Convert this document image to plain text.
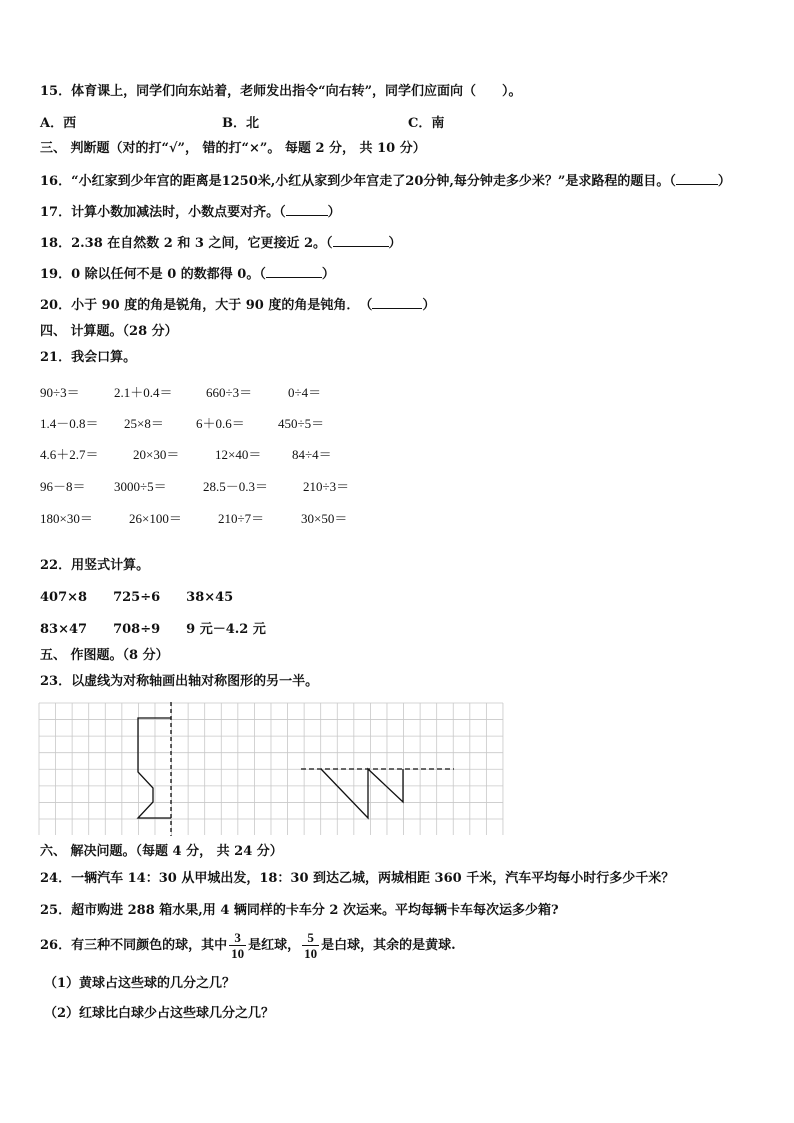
15．体育课上，同学们向东站着，老师发出指令“向右转”，同学们应面向（　　）。
A．西	B．北	C．南
三、 判断题（对的打“√”， 错的打“×”。 每题 2 分， 共 10 分）
16．“小红家到少年宫的距离是1250米,小红从家到少年宫走了20分钟,每分钟走多少米？”是求路程的题目。（	）
17．计算小数加减法时，小数点要对齐。（	）
18．2.38 在自然数 2 和 3 之间，它更接近 2。（	）
19．0 除以任何不是 0 的数都得 0。（	）
20．小于 90 度的角是锐角，大于 90 度的角是钝角．　（	）
四、 计算题。（28 分）
21．我会口算。
90÷3＝	2.1＋0.4＝	660÷3＝	0÷4＝
1.4－0.8＝ 25×8＝ 6＋0.6＝	450÷5＝
4.6＋2.7＝	20×30＝	12×40＝ 84÷4＝
96－8＝ 3000÷5＝	28.5－0.3＝	210÷3＝
180×30＝	26×100＝	210÷7＝	30×50＝
22．用竖式计算。
407×8　　725÷6　　38×45
83×47　　708÷9　　9 元－4.2 元
五、 作图题。（8 分）
23．以虚线为对称轴画出轴对称图形的另一半。
六、 解决问题。（每题 4 分， 共 24 分）
24．一辆汽车 14：30 从甲城出发，18：30 到达乙城，两城相距 360 千米，汽车平均每小时行多少千米？
25．超市购进 288 箱水果,用 4 辆同样的卡车分 2 次运来。平均每辆卡车每次运多少箱?
26．有三种不同颜色的球，其中 $\frac{3}{10}$ 是红球， $\frac{5}{10}$ 是白球，其余的是黄球.
（1）黄球占这些球的几分之几？
（2）红球比白球少占这些球几分之几？
